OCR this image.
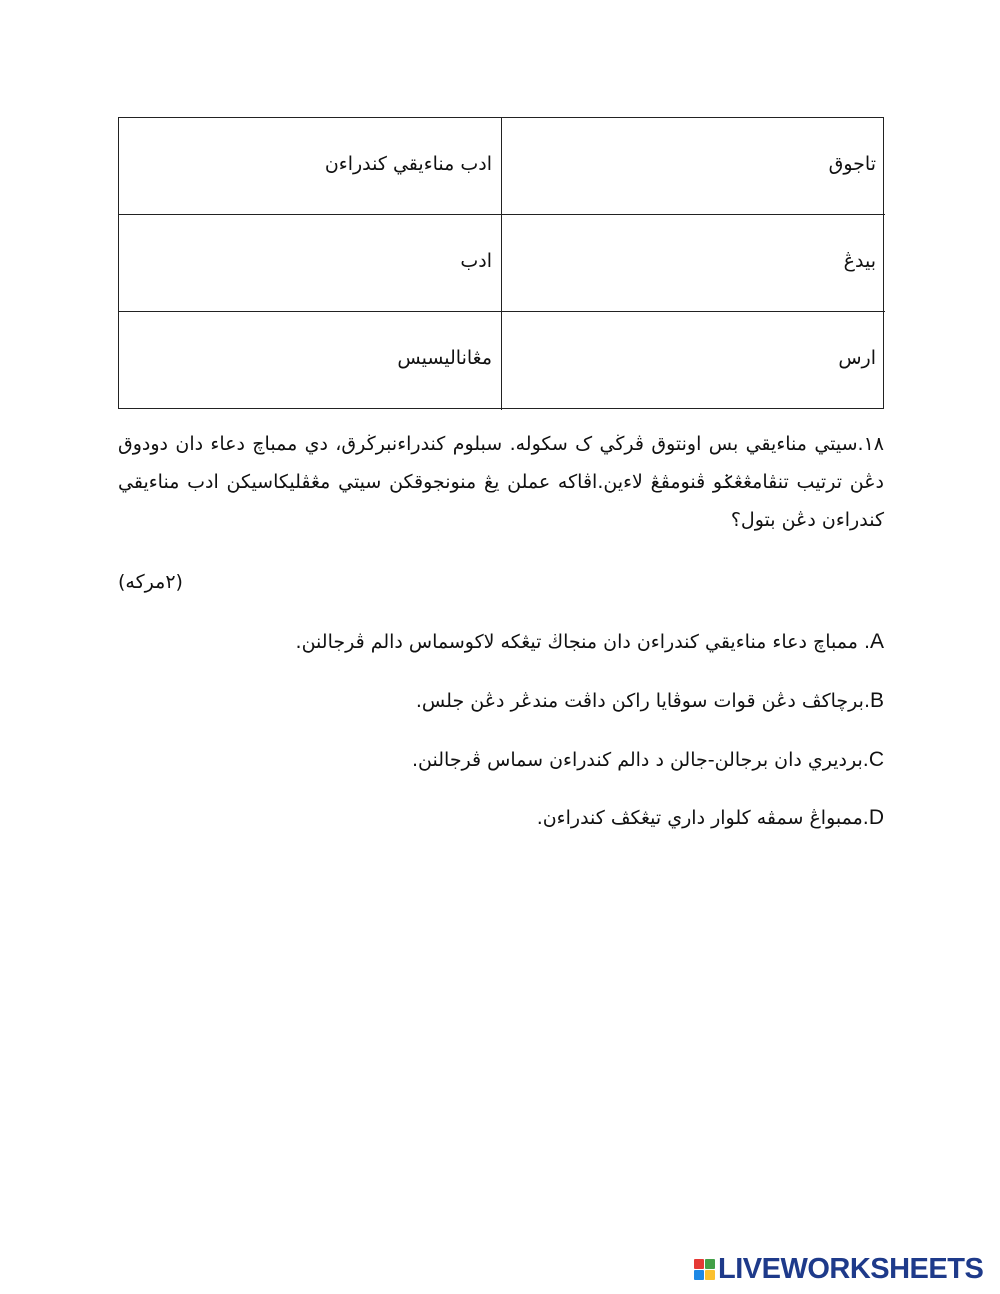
ادب مناءيقي كندراءن	تاجوق
ادب	بيدڠ
مڠاناليسيس	ارس
١٨.سيتي مناءيقي بس اونتوق ڤرڬي ک سكوله. سبلوم كندراءنبرڬرق، دي ممباچ دعاء دان دودوق دڠن ترتيب تنڤامڠڠݢو ڤنومڤڠ لاءين.اڤاكه عملن يڠ منونجوقكن سيتي مڠڤليكاسيكن ادب مناءيقي كندراءن دڠن بتول؟
(٢مركه)
A. ممباچ دعاء مناءيقي كندراءن دان منجاڬ تيڠكه لاكوسماس دالم ڤرجالنن.
B.برچاكڤ دڠن قوات سوڤايا راكن داڤت مندڠر دڠن جلس.
C.برديري دان برجالن-جالن د دالم كندراءن سماس ڤرجالنن.
D.ممبواڠ سمڤه كلوار داري تيڠكڤ كندراءن.
LIVEWORKSHEETS
